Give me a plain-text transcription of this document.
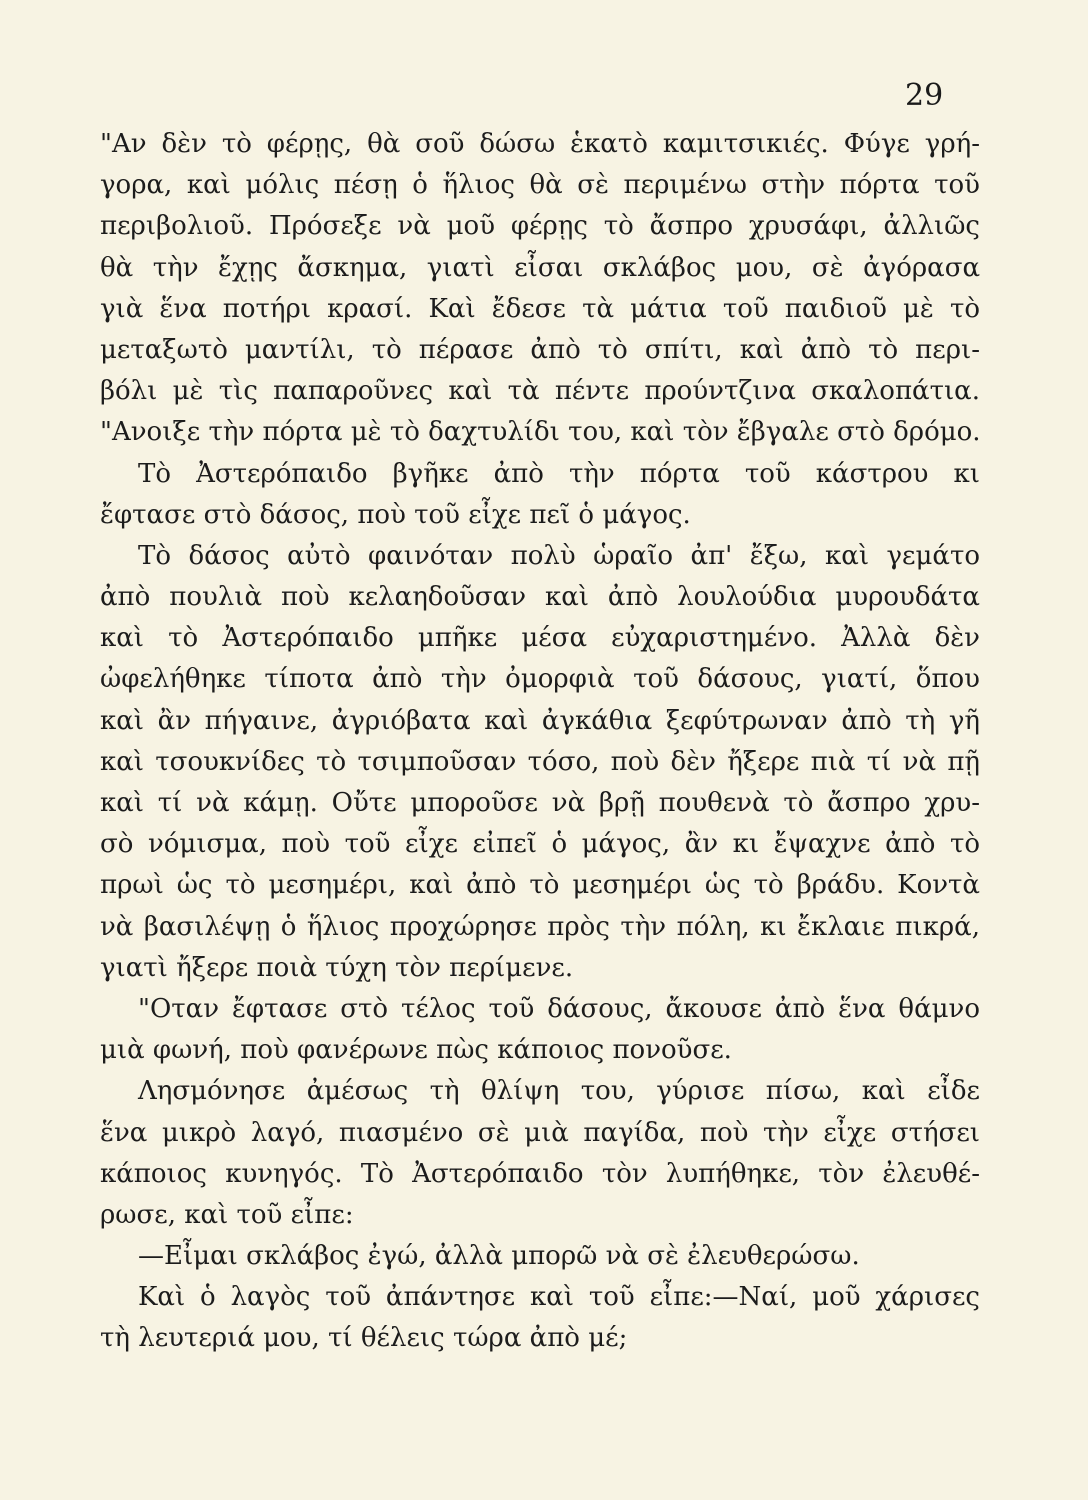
29
"Αν δὲν τὸ φέρῃς, θὰ σοῦ δώσω ἑκατὸ καμιτσικιές. Φύγε γρή-
γορα, καὶ μόλις πέσῃ ὁ ἥλιος θὰ σὲ περιμένω στὴν πόρτα τοῦ
περιβολιοῦ. Πρόσεξε νὰ μοῦ φέρῃς τὸ ἄσπρο χρυσάφι, ἀλλιῶς
θὰ τὴν ἔχῃς ἄσκημα, γιατὶ εἶσαι σκλάβος μου, σὲ ἀγόρασα
γιὰ ἕνα ποτήρι κρασί. Καὶ ἔδεσε τὰ μάτια τοῦ παιδιοῦ μὲ τὸ
μεταξωτὸ μαντίλι, τὸ πέρασε ἀπὸ τὸ σπίτι, καὶ ἀπὸ τὸ περι-
βόλι μὲ τὶς παπαροῦνες καὶ τὰ πέντε προύντζινα σκαλοπάτια.
"Ανοιξε τὴν πόρτα μὲ τὸ δαχτυλίδι του, καὶ τὸν ἔβγαλε στὸ δρόμο.
Τὸ Ἀστερόπαιδο βγῆκε ἀπὸ τὴν πόρτα τοῦ κάστρου κι
ἔφτασε στὸ δάσος, ποὺ τοῦ εἶχε πεῖ ὁ μάγος.
Τὸ δάσος αὐτὸ φαινόταν πολὺ ὡραῖο ἀπ' ἔξω, καὶ γεμάτο
ἀπὸ πουλιὰ ποὺ κελαηδοῦσαν καὶ ἀπὸ λουλούδια μυρουδάτα
καὶ τὸ Ἀστερόπαιδο μπῆκε μέσα εὐχαριστημένο. Ἀλλὰ δὲν
ὠφελήθηκε τίποτα ἀπὸ τὴν ὀμορφιὰ τοῦ δάσους, γιατί, ὅπου
καὶ ἂν πήγαινε, ἀγριόβατα καὶ ἀγκάθια ξεφύτρωναν ἀπὸ τὴ γῆ
καὶ τσουκνίδες τὸ τσιμποῦσαν τόσο, ποὺ δὲν ἤξερε πιὰ τί νὰ πῇ
καὶ τί νὰ κάμῃ. Οὔτε μποροῦσε νὰ βρῇ πουθενὰ τὸ ἄσπρο χρυ-
σὸ νόμισμα, ποὺ τοῦ εἶχε εἰπεῖ ὁ μάγος, ἂν κι ἔψαχνε ἀπὸ τὸ
πρωὶ ὡς τὸ μεσημέρι, καὶ ἀπὸ τὸ μεσημέρι ὡς τὸ βράδυ. Κοντὰ
νὰ βασιλέψῃ ὁ ἥλιος προχώρησε πρὸς τὴν πόλη, κι ἔκλαιε πικρά,
γιατὶ ἤξερε ποιὰ τύχη τὸν περίμενε.
"Οταν ἔφτασε στὸ τέλος τοῦ δάσους, ἄκουσε ἀπὸ ἕνα θάμνο
μιὰ φωνή, ποὺ φανέρωνε πὼς κάποιος πονοῦσε.
Λησμόνησε ἀμέσως τὴ θλίψη του, γύρισε πίσω, καὶ εἶδε
ἕνα μικρὸ λαγό, πιασμένο σὲ μιὰ παγίδα, ποὺ τὴν εἶχε στήσει
κάποιος κυνηγός. Τὸ Ἀστερόπαιδο τὸν λυπήθηκε, τὸν ἐλευθέ-
ρωσε, καὶ τοῦ εἶπε:
—Εἶμαι σκλάβος ἐγώ, ἀλλὰ μπορῶ νὰ σὲ ἐλευθερώσω.
Καὶ ὁ λαγὸς τοῦ ἀπάντησε καὶ τοῦ εἶπε:—Ναί, μοῦ χάρισες
τὴ λευτεριά μου, τί θέλεις τώρα ἀπὸ μέ;
